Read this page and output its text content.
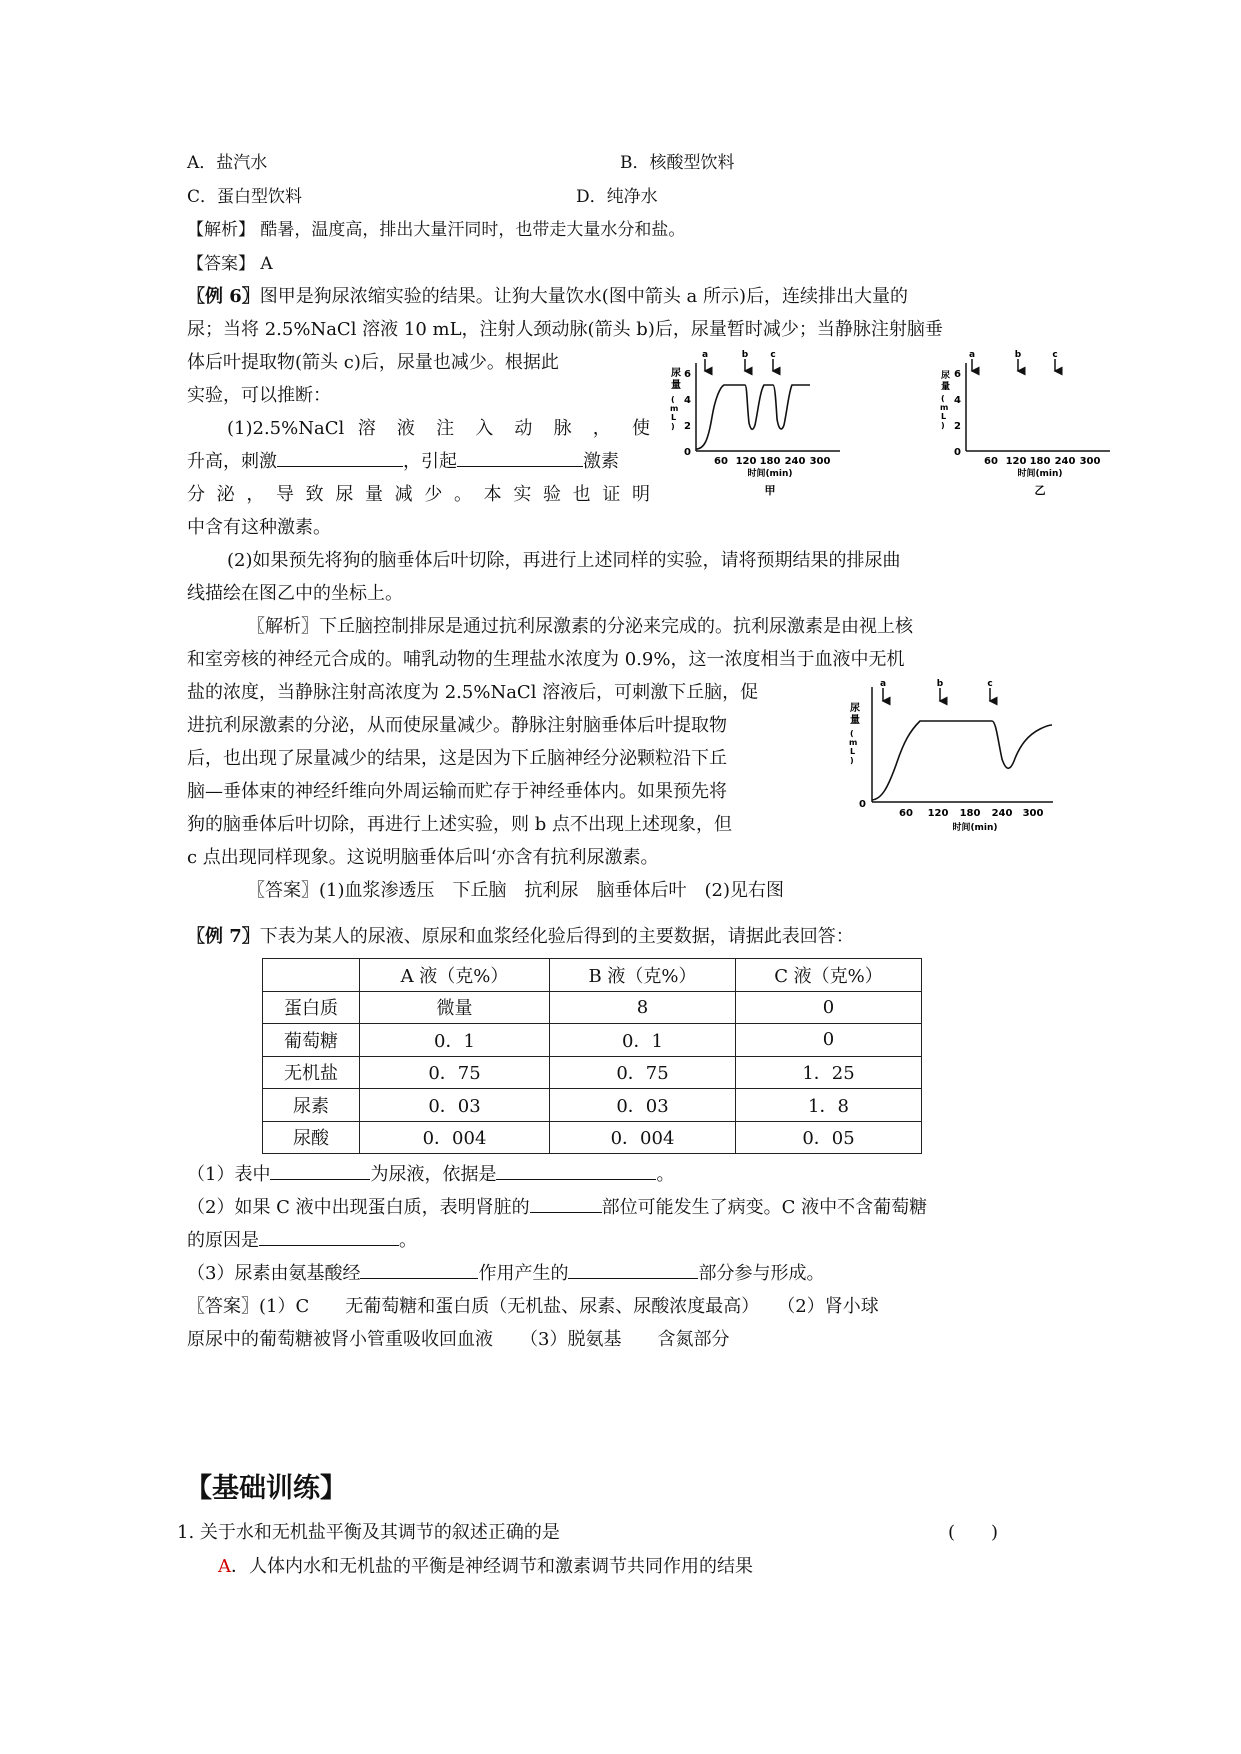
A．盐汽水	B．核酸型饮料
C．蛋白型饮料	D．纯净水
【解析】 酷暑，温度高，排出大量汗同时，也带走大量水分和盐。
【答案】 A
〖例 6〗图甲是狗尿浓缩实验的结果。让狗大量饮水(图中箭头 a 所示)后，连续排出大量的
尿；当将 2.5%NaCl 溶液 10 mL，注射人颈动脉(箭头 b)后，尿量暂时减少；当静脉注射脑垂
体后叶提取物(箭头 c)后，尿量也减少。根据此
实验，可以推断：
(1)2.5%NaCl 溶 液 注 入 动 脉 ， 使
升高，刺激	，引起	激素
分 泌 ， 导 致 尿 量 减 少 。 本 实 验 也 证 明
中含有这种激素。
(2)如果预先将狗的脑垂体后叶切除，再进行上述同样的实验，请将预期结果的排尿曲
线描绘在图乙中的坐标上。
〖解析〗下丘脑控制排尿是通过抗利尿激素的分泌来完成的。抗利尿激素是由视上核
和室旁核的神经元合成的。哺乳动物的生理盐水浓度为 0.9%，这一浓度相当于血液中无机
盐的浓度，当静脉注射高浓度为 2.5%NaCl 溶液后，可刺激下丘脑，促
进抗利尿激素的分泌，从而使尿量减少。静脉注射脑垂体后叶提取物
后，也出现了尿量减少的结果，这是因为下丘脑神经分泌颗粒沿下丘
脑—垂体束的神经纤维向外周运输而贮存于神经垂体内。如果预先将
狗的脑垂体后叶切除，再进行上述实验，则 b 点不出现上述现象，但
c 点出现同样现象。这说明脑垂体后叫‘亦含有抗利尿激素。
〖答案〗(1)血浆渗透压　下丘脑　抗利尿　脑垂体后叶　(2)见右图
尿
量
(
m
L
)
0
2
4
6
60 120 180 240 300
时间(min)
甲
a	b c
尿
量
(
m
L
)
0
2
4
6
60 120 180 240 300
时间(min)
乙
a	b	c
尿
量
(
m
L
)
0
60 120 180 240 300
时间(min)
a	b	c
〖例 7〗下表为某人的尿液、原尿和血浆经化验后得到的主要数据，请据此表回答：
	A 液（克%）	B 液（克%）	C 液（克%）
蛋白质	微量	8	0
葡萄糖	0．1	0．1	0
无机盐	0．75	0．75	1．25
尿素	0．03	0．03	1．8
尿酸	0．004	0．004	0．05
（1）表中	为尿液，依据是	。
（2）如果 C 液中出现蛋白质，表明肾脏的	部位可能发生了病变。C 液中不含葡萄糖
的原因是	。
（3）尿素由氨基酸经	作用产生的	部分参与形成。
〖答案〗(1）C　　无葡萄糖和蛋白质（无机盐、尿素、尿酸浓度最高）　　（2）肾小球
原尿中的葡萄糖被肾小管重吸收回血液　　（3）脱氨基　　含氮部分
【基础训练】
1. 关于水和无机盐平衡及其调节的叙述正确的是	(　　)
A．人体内水和无机盐的平衡是神经调节和激素调节共同作用的结果
